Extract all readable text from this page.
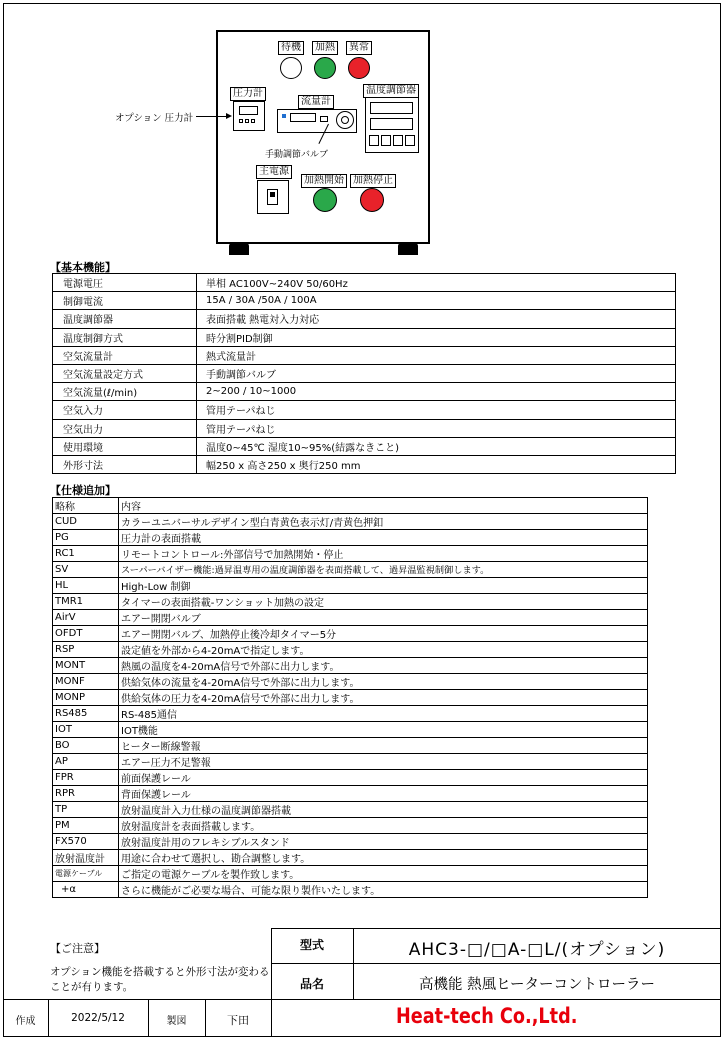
待機	加熱	異常
圧力計
オプション 圧力計
流量計
手動調節バルブ
温度調節器
主電源
加熱開始 加熱停止
【基本機能】
電源電圧	単相 AC100V~240V 50/60Hz
制御電流	15A / 30A /50A / 100A
温度調節器	表面搭載 熱電対入力対応
温度制御方式	時分割PID制御
空気流量計	熱式流量計
空気流量設定方式	手動調節バルブ
空気流量(ℓ/min)	2~200 / 10~1000
空気入力	管用テーパねじ
空気出力	管用テーパねじ
使用環境	温度0~45℃ 湿度10~95%(結露なきこと)
外形寸法	幅250 x 高さ250 x 奥行250 mm
【仕様追加】
略称	内容
CUD	カラーユニバーサルデザイン型白青黄色表示灯/青黄色押釦
PG	圧力計の表面搭載
RC1	リモートコントロール:外部信号で加熱開始・停止
SV	スーパーバイザー機能:過昇温専用の温度調節器を表面搭載して、過昇温監視制御します。
HL	High-Low 制御
TMR1	タイマーの表面搭載-ワンショット加熱の設定
AirV	エアー開閉バルブ
OFDT	エアー開閉バルブ、加熱停止後冷却タイマー5分
RSP	設定値を外部から4-20mAで指定します。
MONT	熱風の温度を4-20mA信号で外部に出力します。
MONF	供給気体の流量を4-20mA信号で外部に出力します。
MONP	供給気体の圧力を4-20mA信号で外部に出力します。
RS485	RS-485通信
IOT	IOT機能
BO	ヒーター断線警報
AP	エアー圧力不足警報
FPR	前面保護レール
RPR	背面保護レール
TP	放射温度計入力仕様の温度調節器搭載
PM	放射温度計を表面搭載します。
FX570	放射温度計用のフレキシブルスタンド
放射温度計	用途に合わせて選択し、勘合調整します。
電源ケーブル	ご指定の電源ケーブルを製作致します。
+α	さらに機能がご必要な場合、可能な限り製作いたします。
【ご注意】
オプション機能を搭載すると外形寸法が変わることが有ります。
型式	AHC3-□/□A-□L/(オプション)
品名	高機能 熱風ヒーターコントローラー
作成	2022/5/12	製図	下田	Heat-tech Co.,Ltd.
